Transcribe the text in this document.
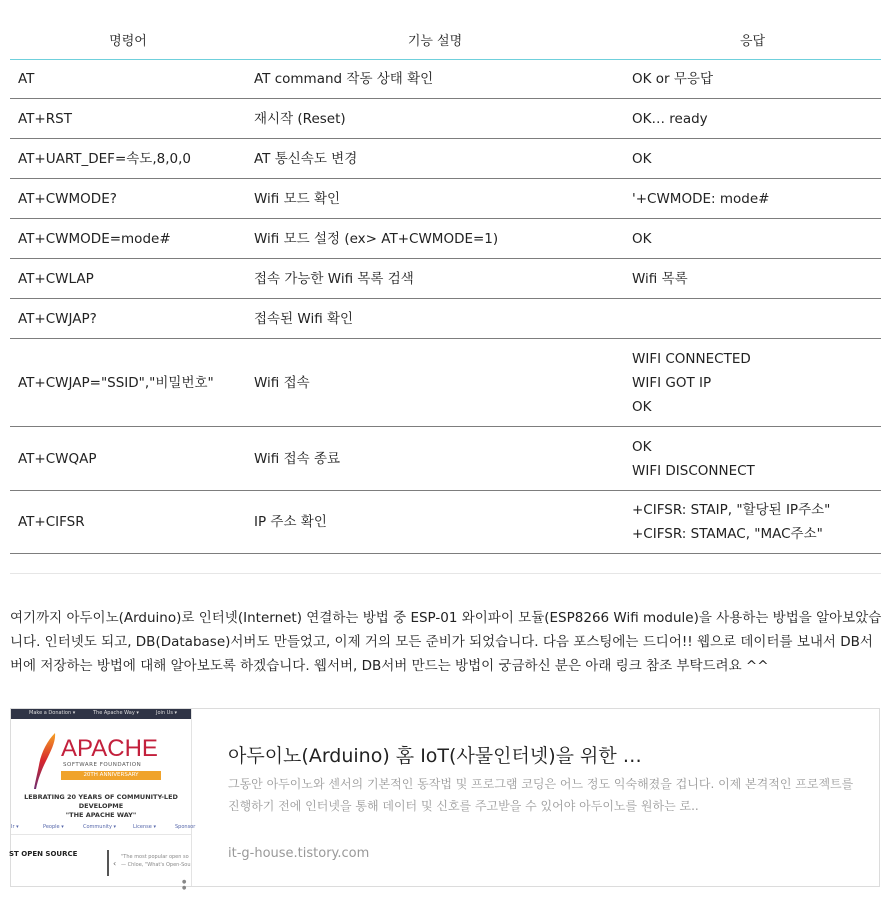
명령어	기능 설명	응답
AT	AT command 작동 상태 확인	OK or 무응답

AT+RST	재시작 (Reset)	OK… ready

AT+UART_DEF=속도,8,0,0	AT 통신속도 변경	OK

AT+CWMODE?	Wifi 모드 확인	'+CWMODE: mode#

AT+CWMODE=mode#	Wifi 모드 설정 (ex> AT+CWMODE=1)	OK

AT+CWLAP	접속 가능한 Wifi 목록 검색	Wifi 목록

AT+CWJAP?	접속된 Wifi 확인	

AT+CWJAP="SSID","비밀번호"	Wifi 접속	WIFI CONNECTED
WIFI GOT IP
OK

AT+CWQAP	Wifi 접속 종료	OK
WIFI DISCONNECT

AT+CIFSR	IP 주소 확인	+CIFSR: STAIP, "할당된 IP주소"
+CIFSR: STAMAC, "MAC주소"

여기까지 아두이노(Arduino)로 인터넷(Internet) 연결하는 방법 중 ESP-01 와이파이 모듈(ESP8266 Wifi module)을 사용하는 방법을 알아보았습니다. 인터넷도 되고, DB(Database)서버도 만들었고, 이제 거의 모든 준비가 되었습니다. 다음 포스팅에는 드디어!! 웹으로 데이터를 보내서 DB서버에 저장하는 방법에 대해 알아보도록 하겠습니다. 웹서버, DB서버 만드는 방법이 궁금하신 분은 아래 링크 참조 부탁드려요 ^^

Make a Donation ▾	The Apache Way ▾	Join Us ▾
APACHE
SOFTWARE FOUNDATION
20TH ANNIVERSARY
LEBRATING 20 YEARS OF COMMUNITY-LED DEVELOPME
"THE APACHE WAY"
Ir ▾	People ▾	Community ▾	License ▾	Sponsor
ST OPEN SOURCE
‹
"The most popular open so
— Chloe, "What's Open-Sou
● ●

아두이노(Arduino) 홈 IoT(사물인터넷)을 위한 …

그동안 아두이노와 센서의 기본적인 동작법 및 프로그램 코딩은 어느 정도 익숙해졌을 겁니다. 이제 본격적인 프로젝트를 진행하기 전에 인터넷을 통해 데이터 및 신호를 주고받을 수 있어야 아두이노를 원하는 로..

it-g-house.tistory.com
